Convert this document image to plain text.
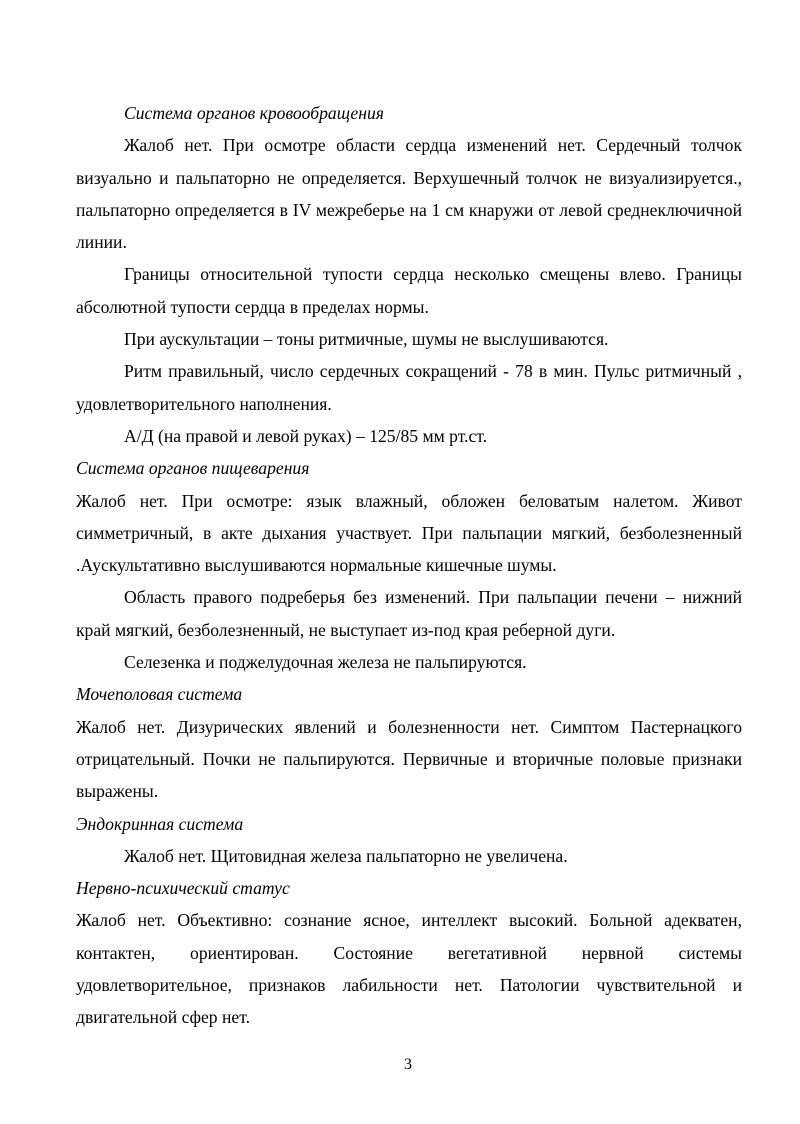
Система органов кровообращения

Жалоб нет. При осмотре области сердца изменений нет. Сердечный толчок визуально и пальпаторно не определяется. Верхушечный толчок не визуализируется., пальпаторно определяется в IV межреберье на 1 см кнаружи от левой среднеключичной линии.

Границы относительной тупости сердца несколько смещены влево. Границы абсолютной тупости сердца в пределах нормы.

При аускультации – тоны ритмичные, шумы не выслушиваются.

Ритм правильный, число сердечных сокращений - 78 в мин. Пульс ритмичный , удовлетворительного наполнения.

А/Д (на правой и левой руках) – 125/85 мм рт.ст.

Система органов пищеварения

Жалоб нет. При осмотре: язык влажный, обложен беловатым налетом. Живот симметричный, в акте дыхания участвует. При пальпации мягкий, безболезненный .Аускультативно выслушиваются нормальные кишечные шумы.

Область правого подреберья без изменений. При пальпации печени – нижний край мягкий, безболезненный, не выступает из-под края реберной дуги.

Селезенка и поджелудочная железа не пальпируются.

Мочеполовая система

Жалоб нет. Дизурических явлений и болезненности нет. Симптом Пастернацкого отрицательный. Почки не пальпируются. Первичные и вторичные половые признаки выражены.

Эндокринная система

Жалоб нет. Щитовидная железа пальпаторно не увеличена.

Нервно-психический статус

Жалоб нет. Объективно: сознание ясное, интеллект высокий. Больной адекватен, контактен, ориентирован. Состояние вегетативной нервной системы удовлетворительное, признаков лабильности нет. Патологии чувствительной и двигательной сфер нет.

3
